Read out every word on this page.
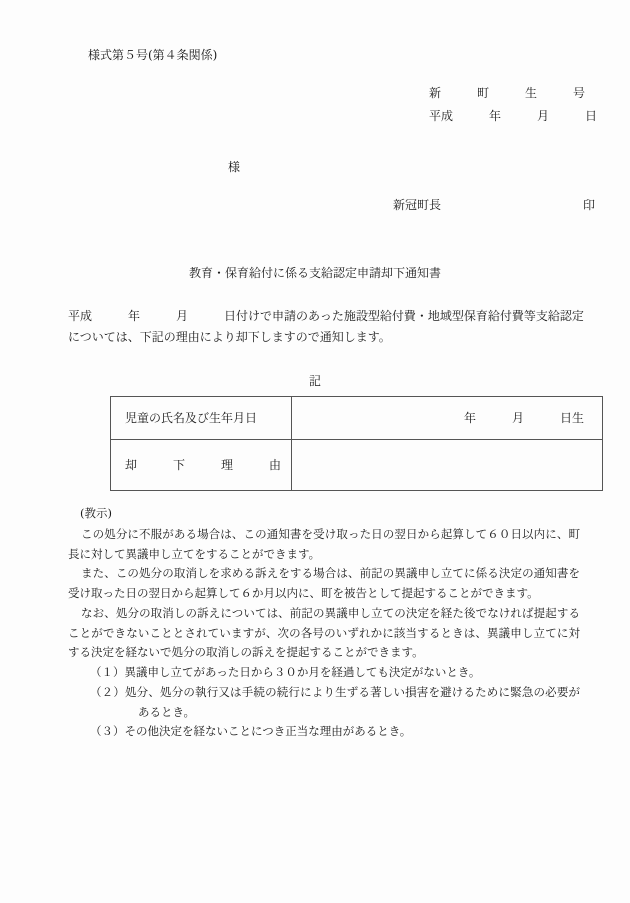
様式第５号(第４条関係)
新　　　町　　　生　　　号
平成　　　年　　　月　　　日
様
新冠町長	印
教育・保育給付に係る支給認定申請却下通知書
平成　　　年　　　月　　　日付けで申請のあった施設型給付費・地域型保育給付費等支給認定については、下記の理由により却下しますので通知します。
記
児童の氏名及び生年月日	年　　　月　　　日生
却　　　下　　　理　　　由	
(教示)

この処分に不服がある場合は、この通知書を受け取った日の翌日から起算して６０日以内に、町長に対して異議申し立てをすることができます。

また、この処分の取消しを求める訴えをする場合は、前記の異議申し立てに係る決定の通知書を受け取った日の翌日から起算して６か月以内に、町を被告として提起することができます。

なお、処分の取消しの訴えについては、前記の異議申し立ての決定を経た後でなければ提起することができないこととされていますが、次の各号のいずれかに該当するときは、異議申し立てに対する決定を経ないで処分の取消しの訴えを提起することができます。

（１）異議申し立てがあった日から３０か月を経過しても決定がないとき。
（２）処分、処分の執行又は手続の続行により生ずる著しい損害を避けるために緊急の必要があるとき。
（３）その他決定を経ないことにつき正当な理由があるとき。
